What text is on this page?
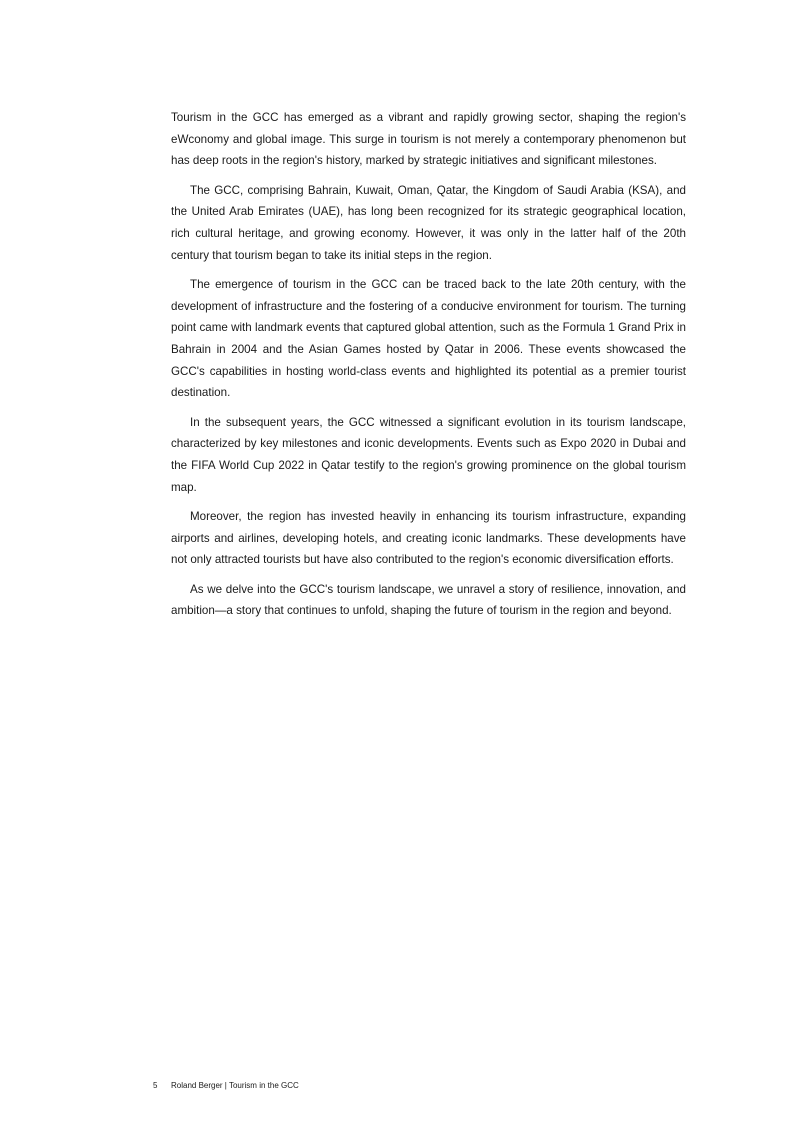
Tourism in the GCC has emerged as a vibrant and rapidly growing sector, shaping the region's eWconomy and global image. This surge in tourism is not merely a contemporary phenomenon but has deep roots in the region's history, marked by strategic initiatives and significant milestones.

The GCC, comprising Bahrain, Kuwait, Oman, Qatar, the Kingdom of Saudi Arabia (KSA), and the United Arab Emirates (UAE), has long been recognized for its strategic geographical location, rich cultural heritage, and growing economy. However, it was only in the latter half of the 20th century that tourism began to take its initial steps in the region.

The emergence of tourism in the GCC can be traced back to the late 20th century, with the development of infrastructure and the fostering of a conducive environment for tourism. The turning point came with landmark events that captured global attention, such as the Formula 1 Grand Prix in Bahrain in 2004 and the Asian Games hosted by Qatar in 2006. These events showcased the GCC's capabilities in hosting world-class events and highlighted its potential as a premier tourist destination.

In the subsequent years, the GCC witnessed a significant evolution in its tourism landscape, characterized by key milestones and iconic developments. Events such as Expo 2020 in Dubai and the FIFA World Cup 2022 in Qatar testify to the region's growing prominence on the global tourism map.

Moreover, the region has invested heavily in enhancing its tourism infrastructure, expanding airports and airlines, developing hotels, and creating iconic landmarks. These developments have not only attracted tourists but have also contributed to the region's economic diversification efforts.

As we delve into the GCC's tourism landscape, we unravel a story of resilience, innovation, and ambition—a story that continues to unfold, shaping the future of tourism in the region and beyond.

5 Roland Berger | Tourism in the GCC
